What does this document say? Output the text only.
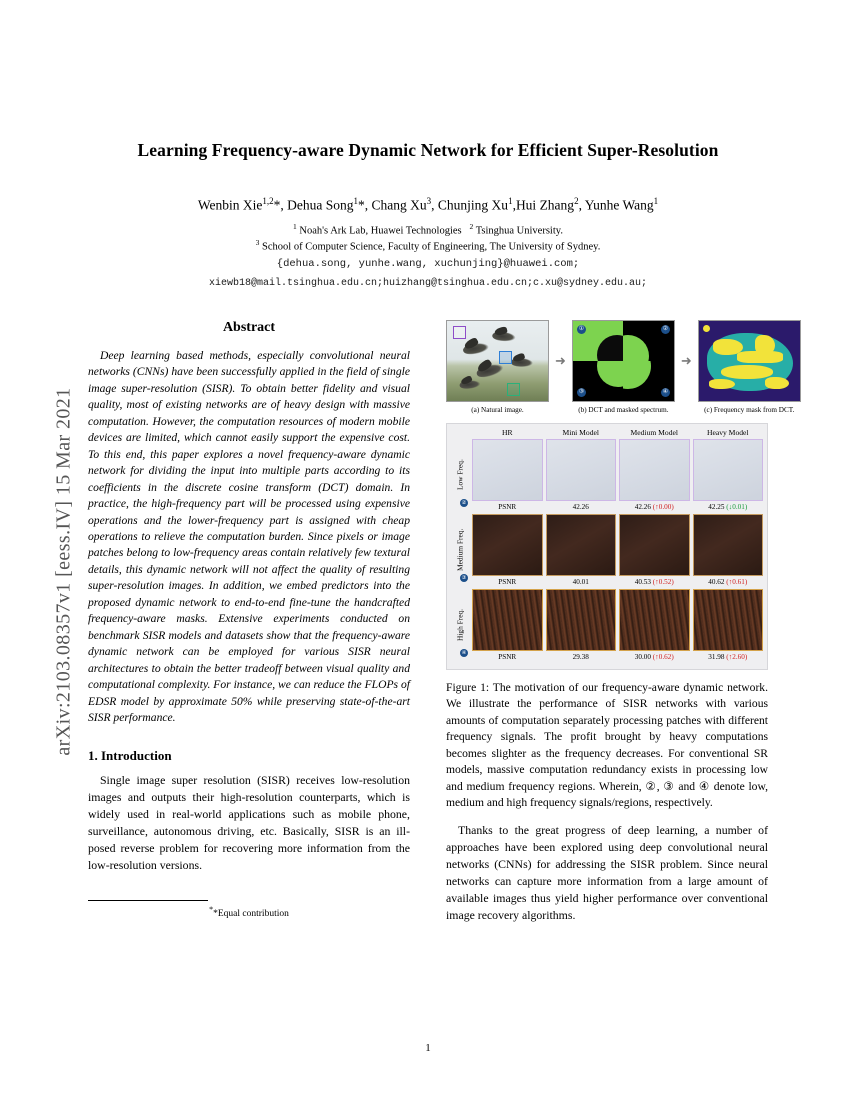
arXiv:2103.08357v1 [eess.IV] 15 Mar 2021
Learning Frequency-aware Dynamic Network for Efficient Super-Resolution
Wenbin Xie$^{1,2}$*, Dehua Song$^1$*, Chang Xu$^3$, Chunjing Xu$^1$,Hui Zhang$^2$, Yunhe Wang$^1$
$^1$ Noah's Ark Lab, Huawei Technologies   $^2$ Tsinghua University.
$^3$ School of Computer Science, Faculty of Engineering, The University of Sydney.
{dehua.song, yunhe.wang, xuchunjing}@huawei.com;
xiewb18@mail.tsinghua.edu.cn;huizhang@tsinghua.edu.cn;c.xu@sydney.edu.au;
Abstract
Deep learning based methods, especially convolutional neural networks (CNNs) have been successfully applied in the field of single image super-resolution (SISR). To obtain better fidelity and visual quality, most of existing networks are of heavy design with massive computation. However, the computation resources of modern mobile devices are limited, which cannot easily support the expensive cost. To this end, this paper explores a novel frequency-aware dynamic network for dividing the input into multiple parts according to its coefficients in the discrete cosine transform (DCT) domain. In practice, the high-frequency part will be processed using expensive operations and the lower-frequency part is assigned with cheap operations to relieve the computation burden. Since pixels or image patches belong to low-frequency areas contain relatively few textural details, this dynamic network will not affect the quality of resulting super-resolution images. In addition, we embed predictors into the proposed dynamic network to end-to-end fine-tune the handcrafted frequency-aware masks. Extensive experiments conducted on benchmark SISR models and datasets show that the frequency-aware dynamic network can be employed for various SISR neural architectures to obtain the better tradeoff between visual quality and computational complexity. For instance, we can reduce the FLOPs of EDSR model by approximate 50% while preserving state-of-the-art SISR performance.
1. Introduction

Single image super resolution (SISR) receives low-resolution images and outputs their high-resolution counterparts, which is widely used in real-world applications such as mobile phone, surveillance, autonomous driving, etc. Basically, SISR is an ill-posed reverse problem for recovering more information from the low-resolution versions.

**Equal contribution
(a) Natural image.
➜
①	②
③	④
(b) DCT and masked spectrum.
➜
(c) Frequency mask from DCT.
HR	Mini Model	Medium Model	Heavy Model
②
Low Freq.
PSNR	42.26	42.26 (↑0.00)	42.25 (↓0.01)
③
Medium Freq.
PSNR	40.01	40.53 (↑0.52)	40.62 (↑0.61)
④
High Freq.
PSNR	29.38	30.00 (↑0.62)	31.98 (↑2.60)
Figure 1: The motivation of our frequency-aware dynamic network. We illustrate the performance of SISR networks with various amounts of computation separately processing patches with different frequency signals. The profit brought by heavy computations becomes slighter as the frequency decreases. For conventional SR models, massive computation redundancy exists in processing low and medium frequency regions. Wherein, ②, ③ and ④ denote low, medium and high frequency signals/regions, respectively.

Thanks to the great progress of deep learning, a number of approaches have been explored using deep convolutional neural networks (CNNs) for addressing the SISR problem. Since neural networks can capture more information from a large amount of available images thus yield higher performance over conventional image recovery algorithms.

1
